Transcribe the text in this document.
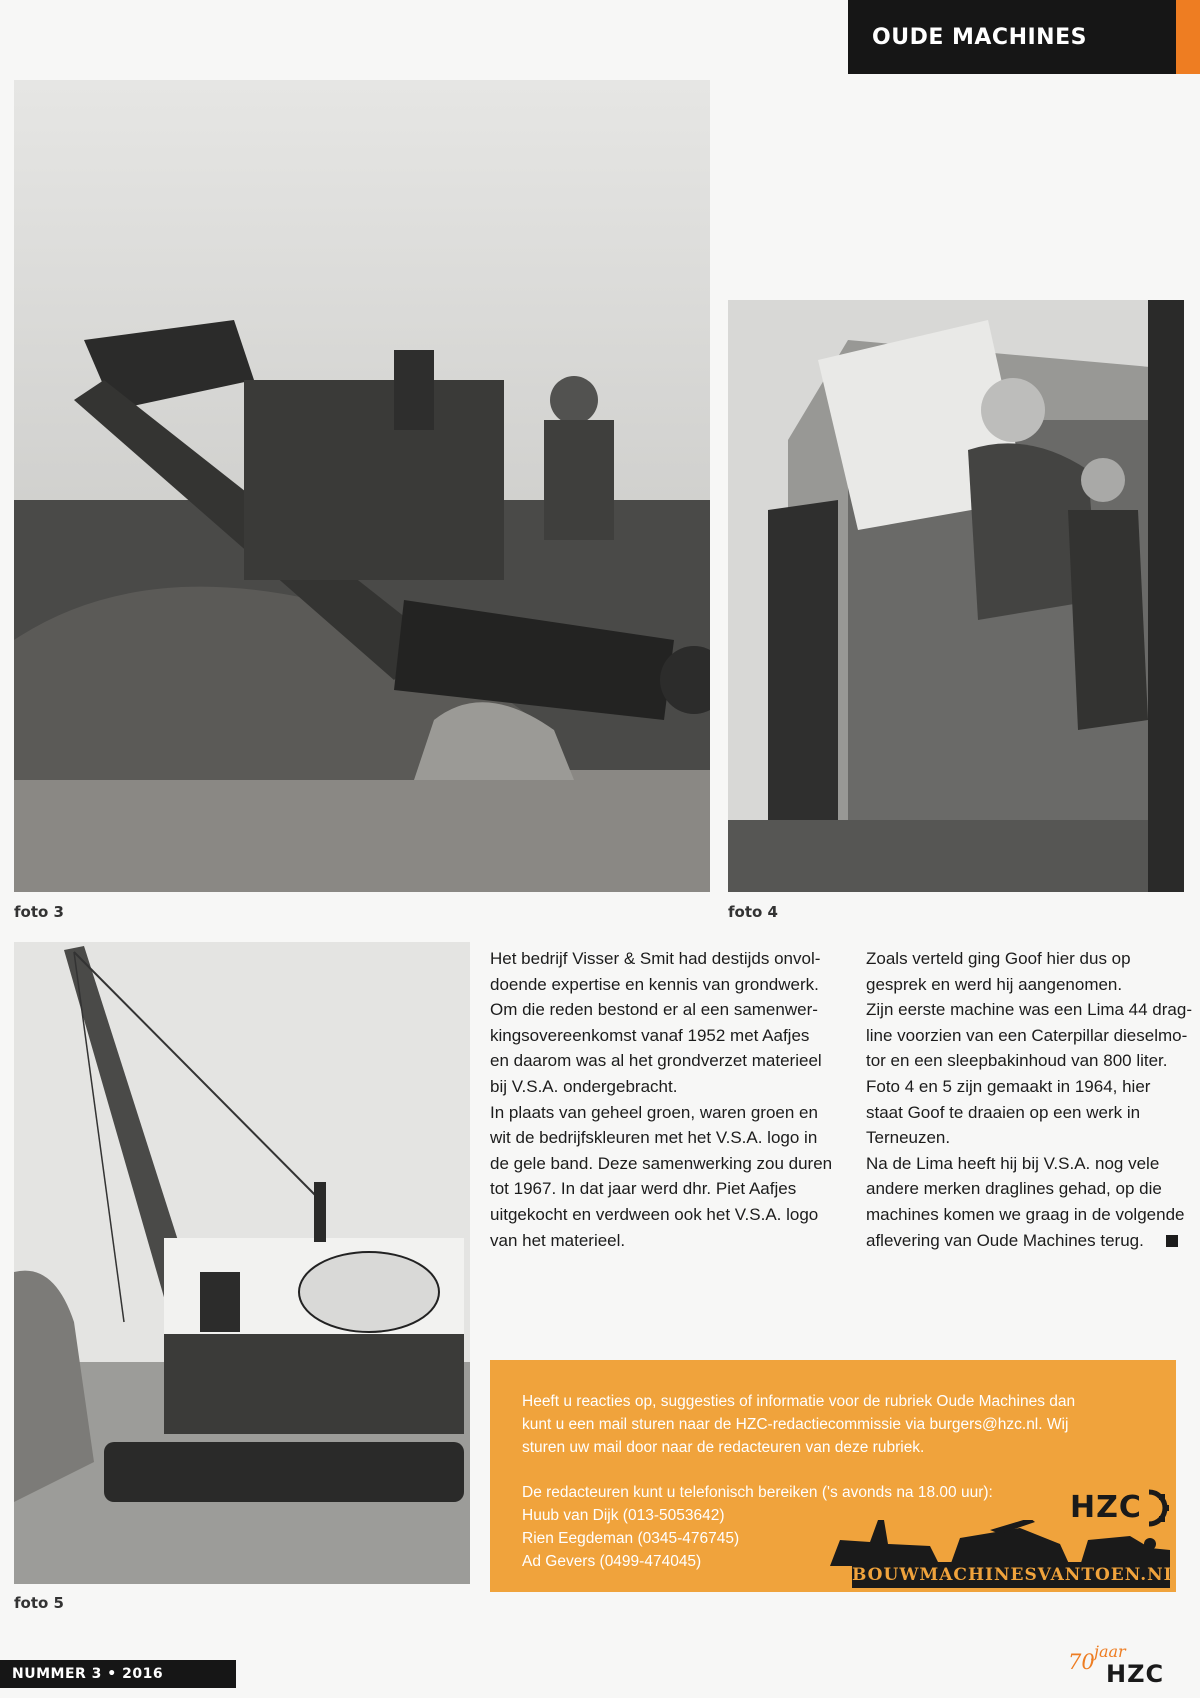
OUDE MACHINES
foto 3	foto 4
foto 5

Het bedrijf Visser & Smit had destijds onvol-

doende expertise en kennis van grondwerk.

Om die reden bestond er al een samenwer-

kingsovereenkomst vanaf 1952 met Aafjes

en daarom was al het grondverzet materieel

bij V.S.A. ondergebracht.

In plaats van geheel groen, waren groen en

wit de bedrijfskleuren met het V.S.A. logo in

de gele band. Deze samenwerking zou duren

tot 1967. In dat jaar werd dhr. Piet Aafjes

uitgekocht en verdween ook het V.S.A. logo

van het materieel.

Zoals verteld ging Goof hier dus op

gesprek en werd hij aangenomen.

Zijn eerste machine was een Lima 44 drag-

line voorzien van een Caterpillar dieselmo-

tor en een sleepbakinhoud van 800 liter.

Foto 4 en 5 zijn gemaakt in 1964, hier

staat Goof te draaien op een werk in

Terneuzen.

Na de Lima heeft hij bij V.S.A. nog vele

andere merken draglines gehad, op die

machines komen we graag in de volgende

aflevering van Oude Machines terug.

Heeft u reacties op, suggesties of informatie voor de rubriek Oude Machines dan

kunt u een mail sturen naar de HZC-redactiecommissie via burgers@hzc.nl. Wij

sturen uw mail door naar de redacteuren van deze rubriek.

De redacteuren kunt u telefonisch bereiken ('s avonds na 18.00 uur):

Huub van Dijk (013-5053642)

Rien Eegdeman (0345-476745)

Ad Gevers (0499-474045)

HZC
BOUWMACHINESVANTOEN.NL
NUMMER 3 • 2016	70 jaar
HZC
